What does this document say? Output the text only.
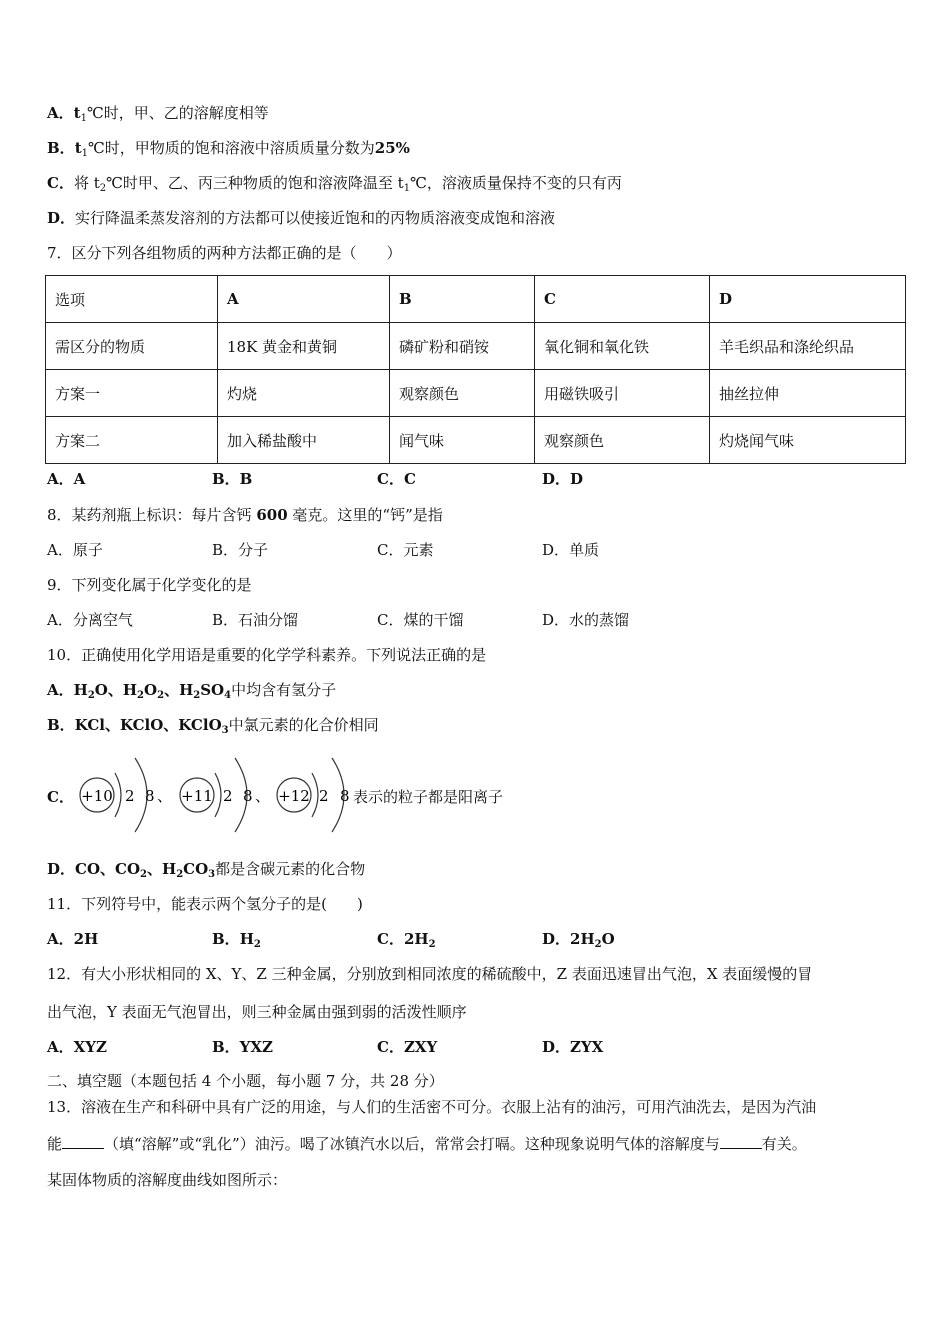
A．$t_1℃$时，甲、乙的溶解度相等
B．$t_1℃$时，甲物质的饱和溶液中溶质质量分数为25%
C．将 $t_2℃$时甲、乙、丙三种物质的饱和溶液降温至 $t_1℃$，溶液质量保持不变的只有丙
D．实行降温柔蒸发溶剂的方法都可以使接近饱和的丙物质溶液变成饱和溶液
7．区分下列各组物质的两种方法都正确的是（　　）
选项	A	B	C	D
需区分的物质	18K 黄金和黄铜	磷矿粉和硝铵	氧化铜和氧化铁	羊毛织品和涤纶织品
方案一	灼烧	观察颜色	用磁铁吸引	抽丝拉伸
方案二	加入稀盐酸中	闻气味	观察颜色	灼烧闻气味
A．A	B．B	C．C	D．D
8．某药剂瓶上标识：每片含钙 600 毫克。这里的“钙”是指
A．原子	B．分子	C．元素	D．单质
9．下列变化属于化学变化的是
A．分离空气	B．石油分馏	C．煤的干馏	D．水的蒸馏
10．正确使用化学用语是重要的化学学科素养。下列说法正确的是
A．$H_2O$、$H_2O_2$、$H_2SO_4$中均含有氢分子
B．KCl、KClO、KClO$_3$中氯元素的化合价相同
C． +10 2 8 、 +11 2 8 、 +12 2 8 表示的粒子都是阳离子
D．CO、$CO_2$、$H_2CO_3$都是含碳元素的化合物
11．下列符号中，能表示两个氢分子的是(　　)
A．2H	B．$H_2$	C．$2H_2$	D．$2H_2O$
12．有大小形状相同的 X、Y、Z 三种金属，分别放到相同浓度的稀硫酸中，Z 表面迅速冒出气泡，X 表面缓慢的冒
出气泡，Y 表面无气泡冒出，则三种金属由强到弱的活泼性顺序
A．XYZ	B．YXZ	C．ZXY	D．ZYX
二、填空题（本题包括 4 个小题，每小题 7 分，共 28 分）
13．溶液在生产和科研中具有广泛的用途，与人们的生活密不可分。衣服上沾有的油污，可用汽油洗去，是因为汽油
能	（填“溶解”或“乳化”）油污。喝了冰镇汽水以后，常常会打嗝。这种现象说明气体的溶解度与	有关。
某固体物质的溶解度曲线如图所示：
